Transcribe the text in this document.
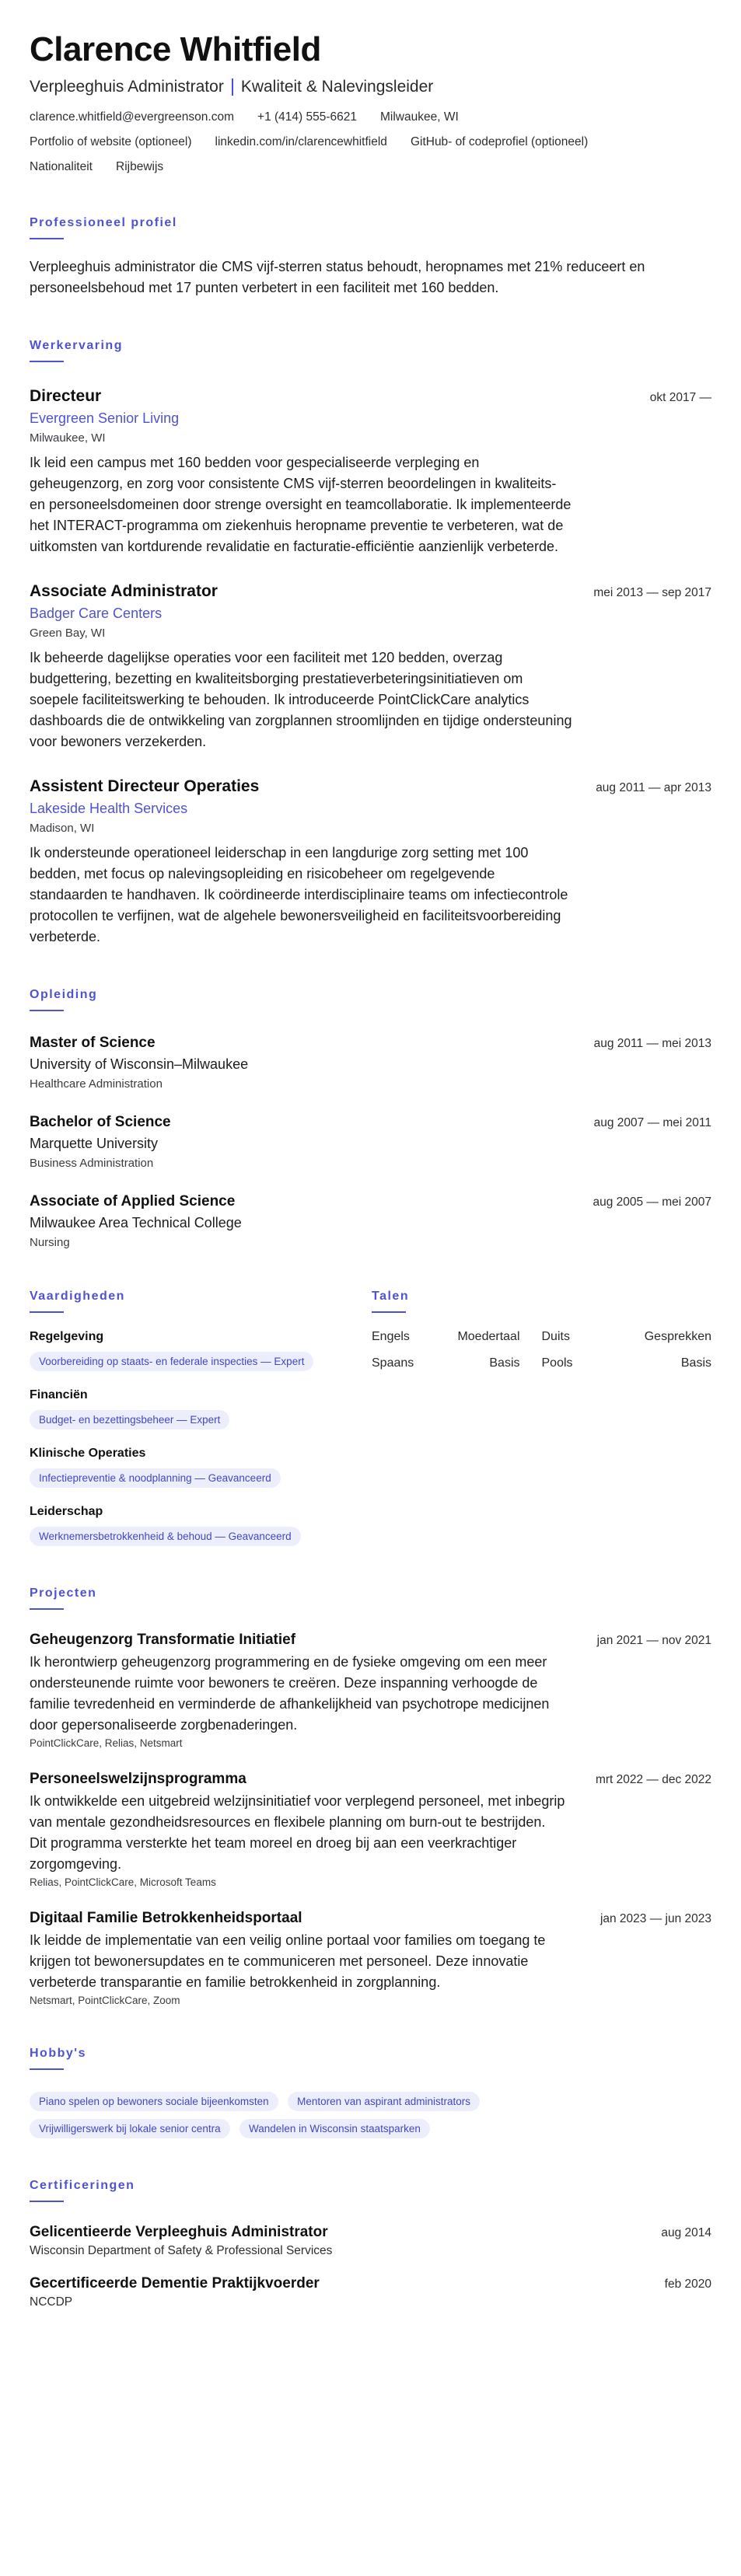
Clarence Whitfield
Verpleeghuis Administrator Kwaliteit & Nalevingsleider
clarence.whitfield@evergreenson.com +1 (414) 555-6621 Milwaukee, WI
Portfolio of website (optioneel) linkedin.com/in/clarencewhitfield GitHub- of codeprofiel (optioneel)
Nationaliteit Rijbewijs
Professioneel profiel
Verpleeghuis administrator die CMS vijf-sterren status behoudt, heropnames met 21% reduceert en personeelsbehoud met 17 punten verbetert in een faciliteit met 160 bedden.
Werkervaring
Directeur	okt 2017 —
Evergreen Senior Living
Milwaukee, WI
Ik leid een campus met 160 bedden voor gespecialiseerde verpleging en geheugenzorg, en zorg voor consistente CMS vijf-sterren beoordelingen in kwaliteits- en personeelsdomeinen door strenge oversight en teamcollaboratie. Ik implementeerde het INTERACT-programma om ziekenhuis heropname preventie te verbeteren, wat de uitkomsten van kortdurende revalidatie en facturatie-efficiëntie aanzienlijk verbeterde.
Associate Administrator	mei 2013 — sep 2017
Badger Care Centers
Green Bay, WI
Ik beheerde dagelijkse operaties voor een faciliteit met 120 bedden, overzag budgettering, bezetting en kwaliteitsborging prestatieverbeteringsinitiatieven om soepele faciliteitswerking te behouden. Ik introduceerde PointClickCare analytics dashboards die de ontwikkeling van zorgplannen stroomlijnden en tijdige ondersteuning voor bewoners verzekerden.
Assistent Directeur Operaties	aug 2011 — apr 2013
Lakeside Health Services
Madison, WI
Ik ondersteunde operationeel leiderschap in een langdurige zorg setting met 100 bedden, met focus op nalevingsopleiding en risicobeheer om regelgevende standaarden te handhaven. Ik coördineerde interdisciplinaire teams om infectiecontrole protocollen te verfijnen, wat de algehele bewonersveiligheid en faciliteitsvoorbereiding verbeterde.
Opleiding
Master of Science	aug 2011 — mei 2013
University of Wisconsin–Milwaukee
Healthcare Administration
Bachelor of Science	aug 2007 — mei 2011
Marquette University
Business Administration
Associate of Applied Science	aug 2005 — mei 2007
Milwaukee Area Technical College
Nursing
Vaardigheden
Regelgeving
Voorbereiding op staats- en federale inspecties — Expert
Financiën
Budget- en bezettingsbeheer — Expert
Klinische Operaties
Infectiepreventie & noodplanning — Geavanceerd
Leiderschap
Werknemersbetrokkenheid & behoud — Geavanceerd
Talen
Engels	Moedertaal	Duits	Gesprekken
Spaans	Basis	Pools	Basis
Projecten
Geheugenzorg Transformatie Initiatief	jan 2021 — nov 2021
Ik herontwierp geheugenzorg programmering en de fysieke omgeving om een meer ondersteunende ruimte voor bewoners te creëren. Deze inspanning verhoogde de familie tevredenheid en verminderde de afhankelijkheid van psychotrope medicijnen door gepersonaliseerde zorgbenaderingen.
PointClickCare, Relias, Netsmart
Personeelswelzijnsprogramma	mrt 2022 — dec 2022
Ik ontwikkelde een uitgebreid welzijnsinitiatief voor verplegend personeel, met inbegrip van mentale gezondheidsresources en flexibele planning om burn-out te bestrijden. Dit programma versterkte het team moreel en droeg bij aan een veerkrachtiger zorgomgeving.
Relias, PointClickCare, Microsoft Teams
Digitaal Familie Betrokkenheidsportaal	jan 2023 — jun 2023
Ik leidde de implementatie van een veilig online portaal voor families om toegang te krijgen tot bewonersupdates en te communiceren met personeel. Deze innovatie verbeterde transparantie en familie betrokkenheid in zorgplanning.
Netsmart, PointClickCare, Zoom
Hobby's
Piano spelen op bewoners sociale bijeenkomsten	Mentoren van aspirant administrators
Vrijwilligerswerk bij lokale senior centra	Wandelen in Wisconsin staatsparken
Certificeringen
Gelicentieerde Verpleeghuis Administrator	aug 2014
Wisconsin Department of Safety & Professional Services
Gecertificeerde Dementie Praktijkvoerder	feb 2020
NCCDP
